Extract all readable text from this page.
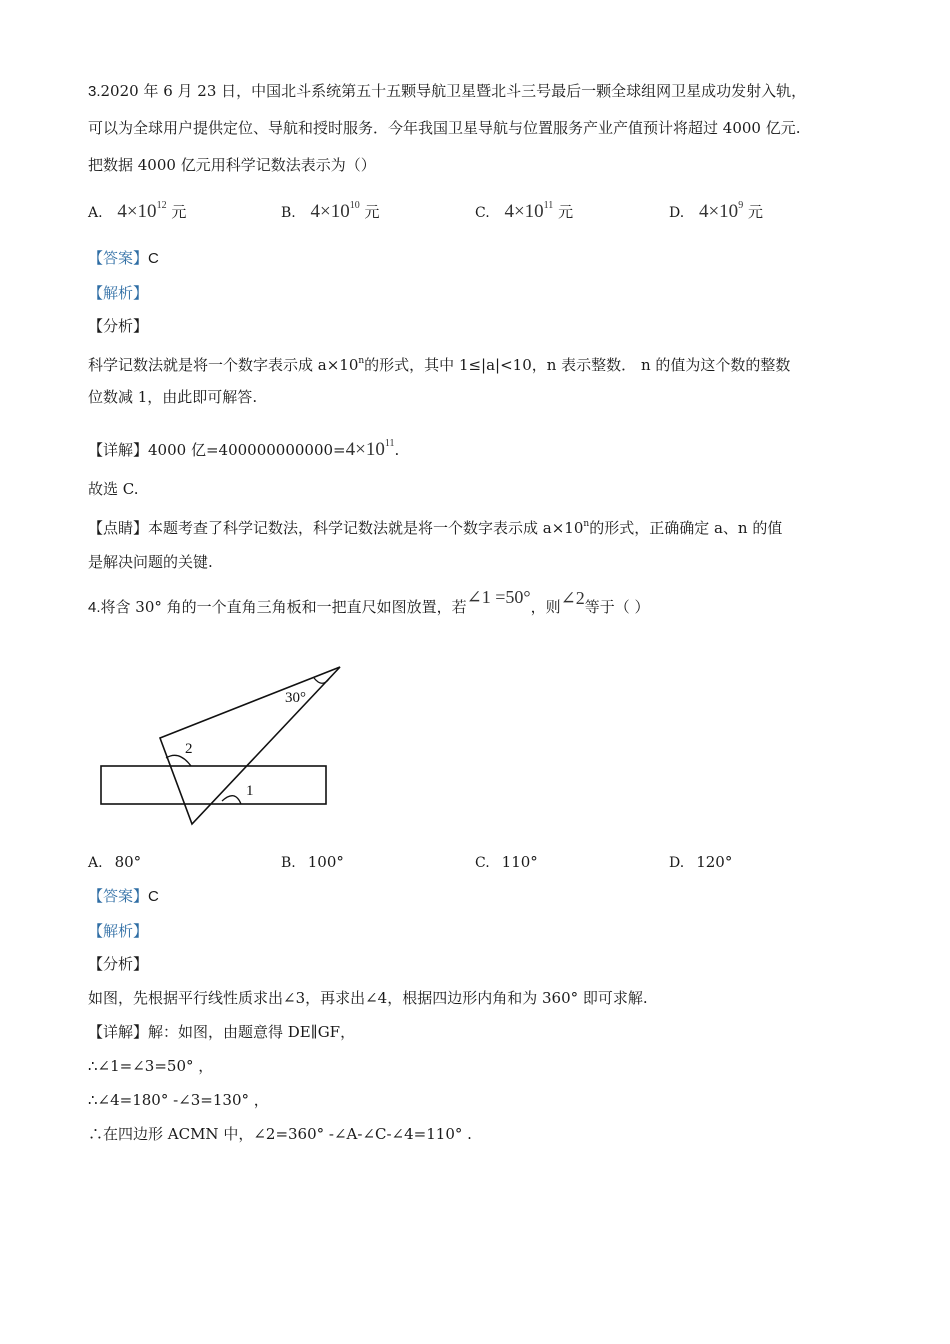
3.2020 年 6 月 23 日，中国北斗系统第五十五颗导航卫星暨北斗三号最后一颗全球组网卫星成功发射入轨，
可以为全球用户提供定位、导航和授时服务．今年我国卫星导航与位置服务产业产值预计将超过 4000 亿元.
把数据 4000 亿元用科学记数法表示为（）
A. $4\times 10^{12}$ 元	B. $4\times 10^{10}$ 元	C. $4\times 10^{11}$ 元	D. $4\times 10^9$ 元
【答案】C
【解析】
【分析】
科学记数法就是将一个数字表示成 $a\times 10^n$的形式，其中 1≤|a|<10，n 表示整数． n 的值为这个数的整数
位数减 1，由此即可解答.
【详解】4000 亿$=400000000000=4\times 10^{11}$.
故选 C.
【点睛】本题考查了科学记数法，科学记数法就是将一个数字表示成 $a\times 10^n$的形式，正确确定 a、n 的值
是解决问题的关键.
4.将含 30° 角的一个直角三角板和一把直尺如图放置，若∠1 =50°，则∠2等于（ ）
30°
2
1
A. 80°	B. 100°	C. 110°	D. 120°
【答案】C
【解析】
【分析】
如图，先根据平行线性质求出∠3，再求出∠4，根据四边形内角和为 360° 即可求解.
【详解】解：如图，由题意得 DE∥GF，
∴∠1=∠3=50° ，
∴∠4=180° -∠3=130° ，
∴在四边形 ACMN 中，∠2=360° -∠A-∠C-∠4=110° .
